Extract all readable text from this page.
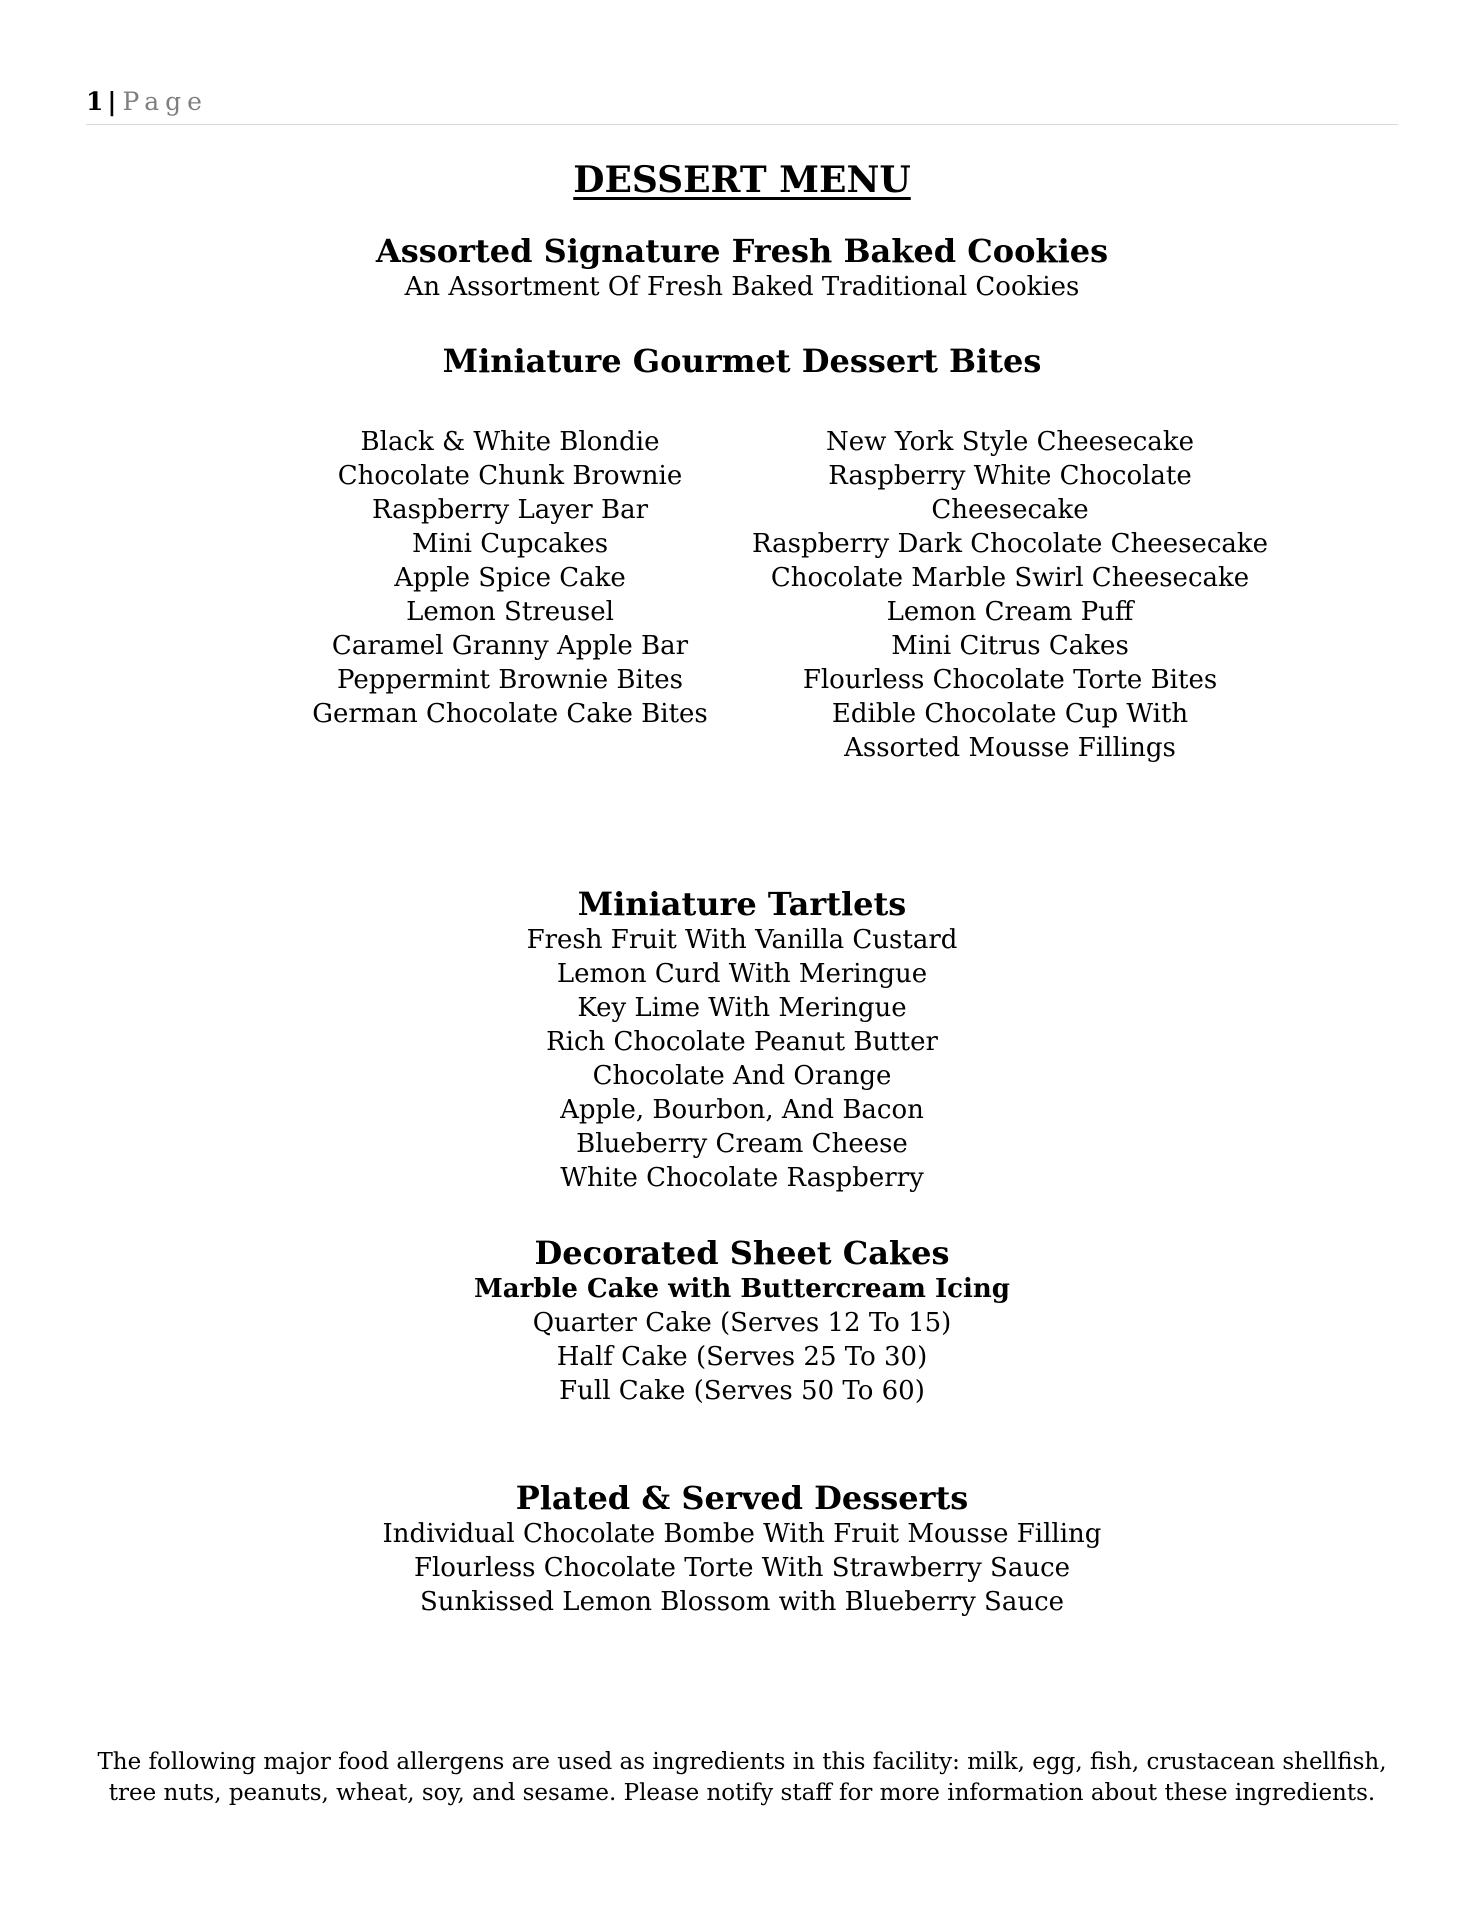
1 | Page
DESSERT MENU
Assorted Signature Fresh Baked Cookies
An Assortment Of Fresh Baked Traditional Cookies
Miniature Gourmet Dessert Bites
Black & White Blondie
Chocolate Chunk Brownie
Raspberry Layer Bar
Mini Cupcakes
Apple Spice Cake
Lemon Streusel
Caramel Granny Apple Bar
Peppermint Brownie Bites
German Chocolate Cake Bites
New York Style Cheesecake
Raspberry White Chocolate Cheesecake
Raspberry Dark Chocolate Cheesecake
Chocolate Marble Swirl Cheesecake
Lemon Cream Puff
Mini Citrus Cakes
Flourless Chocolate Torte Bites
Edible Chocolate Cup With
Assorted Mousse Fillings
Miniature Tartlets
Fresh Fruit With Vanilla Custard
Lemon Curd With Meringue
Key Lime With Meringue
Rich Chocolate Peanut Butter
Chocolate And Orange
Apple, Bourbon, And Bacon
Blueberry Cream Cheese
White Chocolate Raspberry
Decorated Sheet Cakes
Marble Cake with Buttercream Icing
Quarter Cake (Serves 12 To 15)
Half Cake (Serves 25 To 30)
Full Cake (Serves 50 To 60)
Plated & Served Desserts
Individual Chocolate Bombe With Fruit Mousse Filling
Flourless Chocolate Torte With Strawberry Sauce
Sunkissed Lemon Blossom with Blueberry Sauce
The following major food allergens are used as ingredients in this facility: milk, egg, fish, crustacean shellfish, tree nuts, peanuts, wheat, soy, and sesame. Please notify staff for more information about these ingredients.
